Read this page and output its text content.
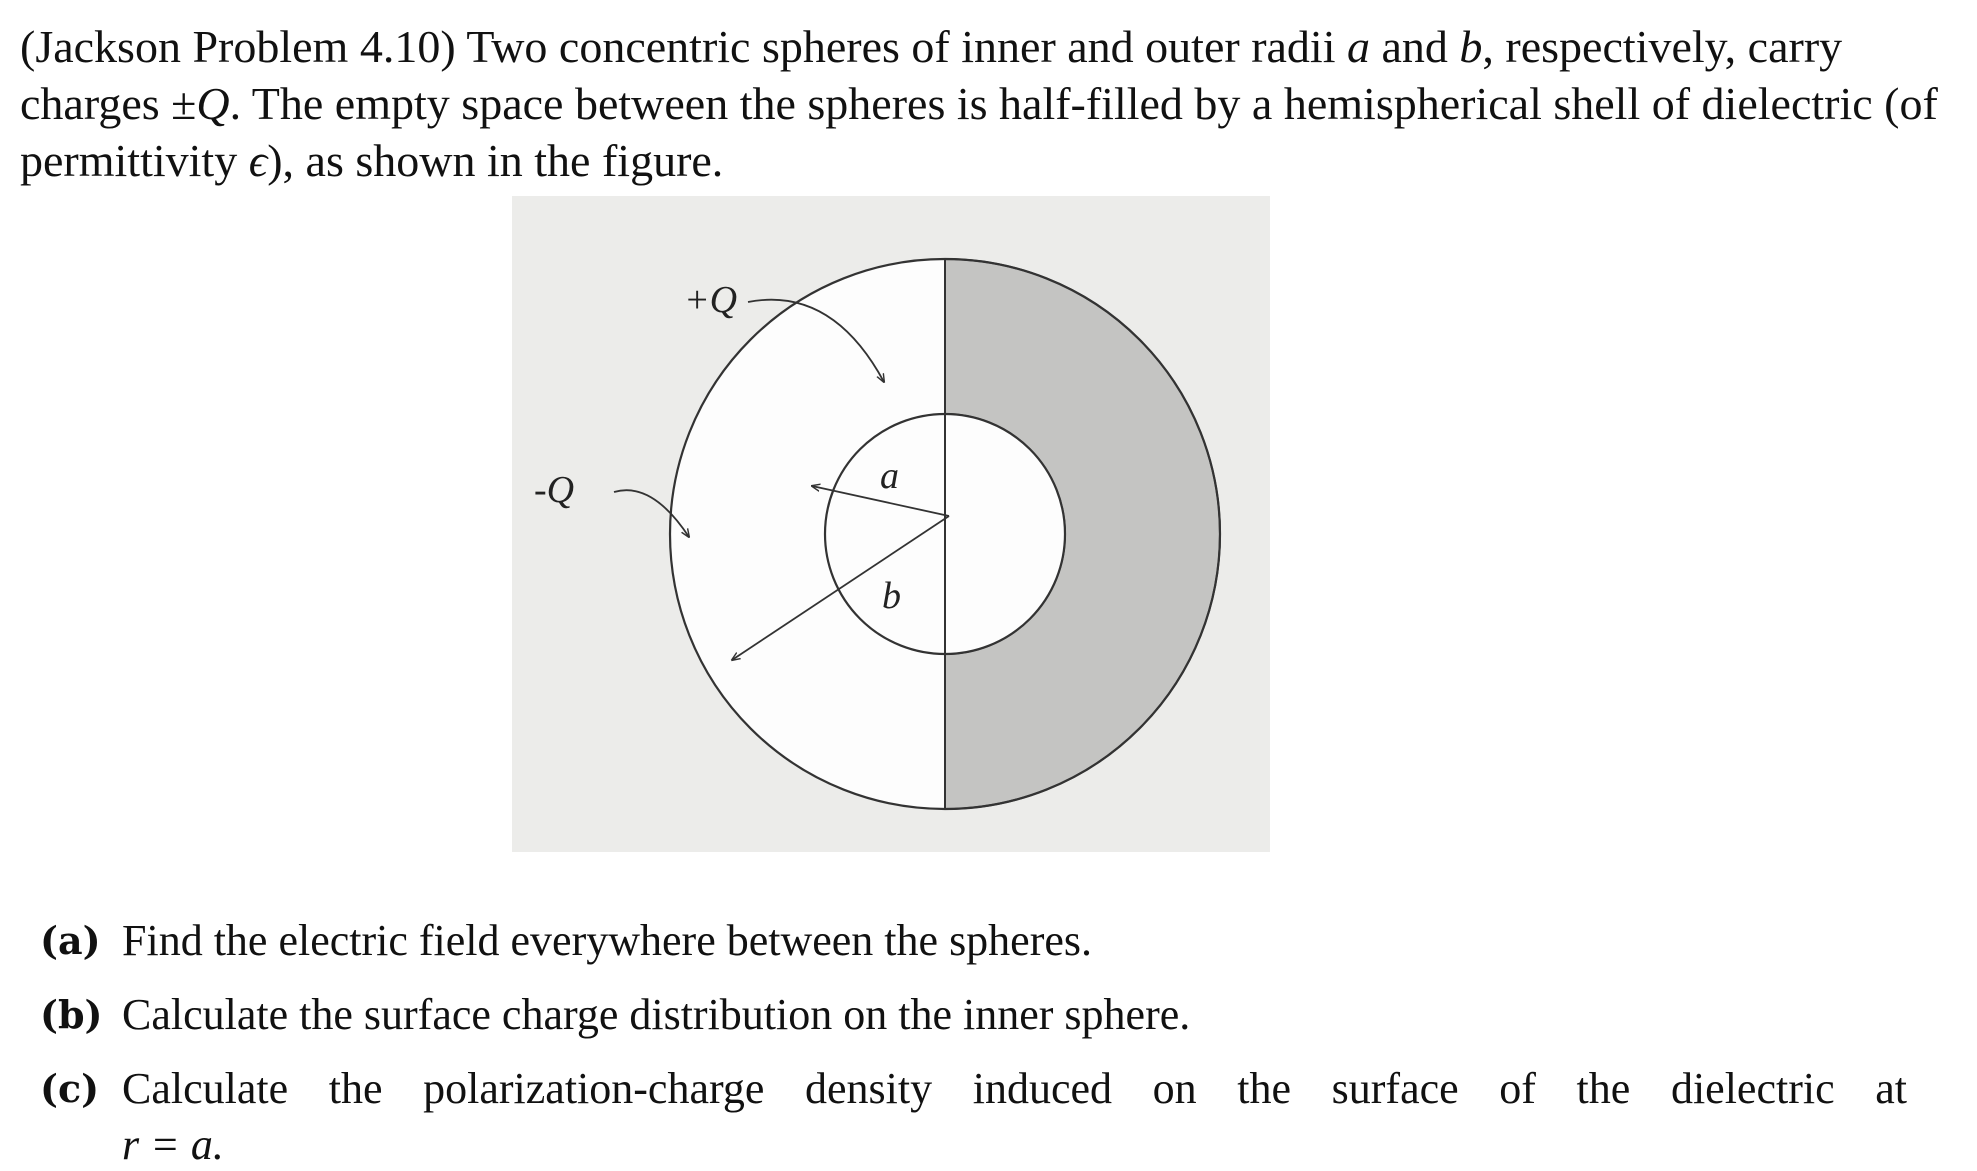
(Jackson Problem 4.10) Two concentric spheres of inner and outer radii a and b, respectively, carry charges ±Q. The empty space between the spheres is half-filled by a hemispherical shell of dielectric (of permittivity ϵ), as shown in the figure.

+Q
-Q	a
b
(a) Find the electric field everywhere between the spheres.
(b) Calculate the surface charge distribution on the inner sphere.
(c) Calculate the polarization-charge density induced on the surface of the dielectric at
r = a.
